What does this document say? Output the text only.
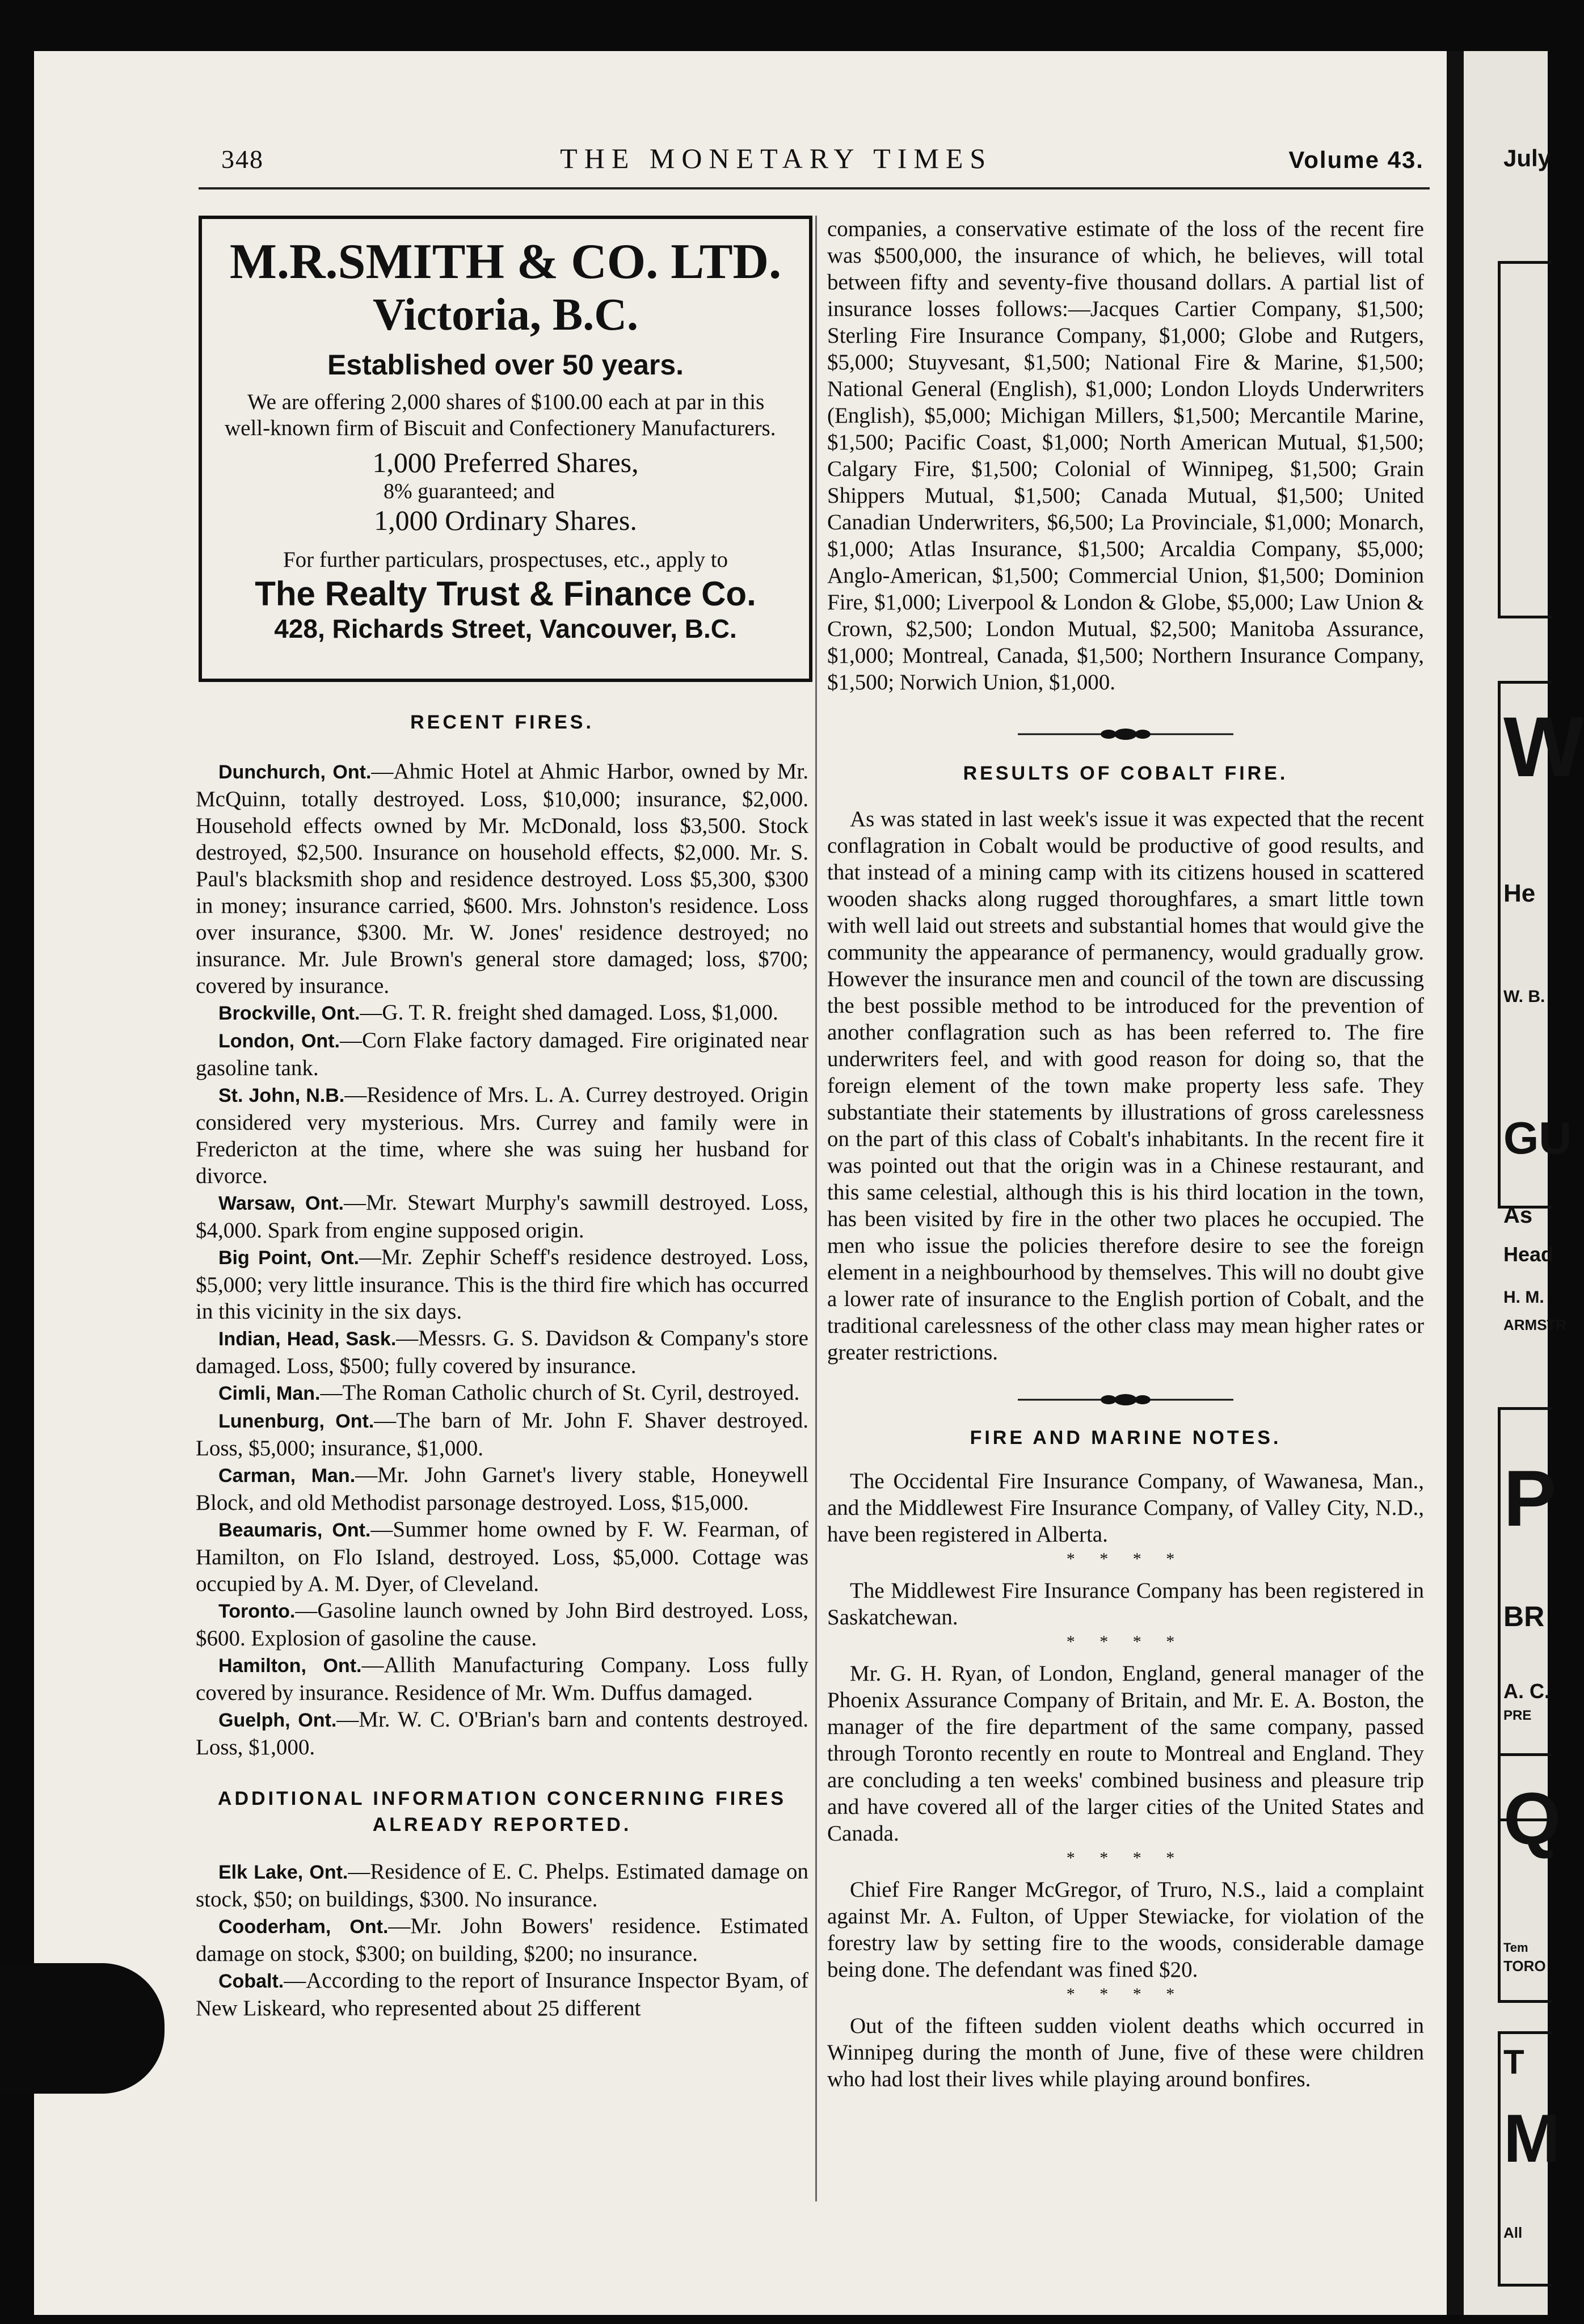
July
W
He
W. B.
GU
As
Head
H. M.
ARMSTR
P
BR
A. C.
PRE
Q
Tem
TORO
T
M
All
348	THE MONETARY TIMES	Volume 43.
M.R.SMITH & CO. LTD.
Victoria, B.C.
Established over 50 years.
We are offering 2,000 shares of $100.00 each at par in this well-known firm of Biscuit and Confectionery Manufacturers.
1,000 Preferred Shares,
8% guaranteed; and
1,000 Ordinary Shares.
For further particulars, prospectuses, etc., apply to
The Realty Trust & Finance Co.
428, Richards Street, Vancouver, B.C.
RECENT FIRES.

Dunchurch, Ont.—Ahmic Hotel at Ahmic Harbor, owned by Mr. McQuinn, totally destroyed. Loss, $10,000; insurance, $2,000. Household effects owned by Mr. McDonald, loss $3,500. Stock destroyed, $2,500. Insurance on household effects, $2,000. Mr. S. Paul's blacksmith shop and residence destroyed. Loss $5,300, $300 in money; insurance carried, $600. Mrs. Johnston's residence. Loss over insurance, $300. Mr. W. Jones' residence destroyed; no insurance. Mr. Jule Brown's general store damaged; loss, $700; covered by insurance.

Brockville, Ont.—G. T. R. freight shed damaged. Loss, $1,000.

London, Ont.—Corn Flake factory damaged. Fire originated near gasoline tank.

St. John, N.B.—Residence of Mrs. L. A. Currey destroyed. Origin considered very mysterious. Mrs. Currey and family were in Fredericton at the time, where she was suing her husband for divorce.

Warsaw, Ont.—Mr. Stewart Murphy's sawmill destroyed. Loss, $4,000. Spark from engine supposed origin.

Big Point, Ont.—Mr. Zephir Scheff's residence destroyed. Loss, $5,000; very little insurance. This is the third fire which has occurred in this vicinity in the six days.

Indian, Head, Sask.—Messrs. G. S. Davidson & Company's store damaged. Loss, $500; fully covered by insurance.

Cimli, Man.—The Roman Catholic church of St. Cyril, destroyed.

Lunenburg, Ont.—The barn of Mr. John F. Shaver destroyed. Loss, $5,000; insurance, $1,000.

Carman, Man.—Mr. John Garnet's livery stable, Honeywell Block, and old Methodist parsonage destroyed. Loss, $15,000.

Beaumaris, Ont.—Summer home owned by F. W. Fearman, of Hamilton, on Flo Island, destroyed. Loss, $5,000. Cottage was occupied by A. M. Dyer, of Cleveland.

Toronto.—Gasoline launch owned by John Bird destroyed. Loss, $600. Explosion of gasoline the cause.

Hamilton, Ont.—Allith Manufacturing Company. Loss fully covered by insurance. Residence of Mr. Wm. Duffus damaged.

Guelph, Ont.—Mr. W. C. O'Brian's barn and contents destroyed. Loss, $1,000.

ADDITIONAL INFORMATION CONCERNING FIRES
ALREADY REPORTED.

Elk Lake, Ont.—Residence of E. C. Phelps. Estimated damage on stock, $50; on buildings, $300. No insurance.

Cooderham, Ont.—Mr. John Bowers' residence. Estimated damage on stock, $300; on building, $200; no insurance.

Cobalt.—According to the report of Insurance Inspector Byam, of New Liskeard, who represented about 25 different

companies, a conservative estimate of the loss of the recent fire was $500,000, the insurance of which, he believes, will total between fifty and seventy-five thousand dollars. A partial list of insurance losses follows:—Jacques Cartier Company, $1,500; Sterling Fire Insurance Company, $1,000; Globe and Rutgers, $5,000; Stuyvesant, $1,500; National Fire & Marine, $1,500; National General (English), $1,000; London Lloyds Underwriters (English), $5,000; Michigan Millers, $1,500; Mercantile Marine, $1,500; Pacific Coast, $1,000; North American Mutual, $1,500; Calgary Fire, $1,500; Colonial of Winnipeg, $1,500; Grain Shippers Mutual, $1,500; Canada Mutual, $1,500; United Canadian Underwriters, $6,500; La Provinciale, $1,000; Monarch, $1,000; Atlas Insurance, $1,500; Arcaldia Company, $5,000; Anglo-American, $1,500; Commercial Union, $1,500; Dominion Fire, $1,000; Liverpool & London & Globe, $5,000; Law Union & Crown, $2,500; London Mutual, $2,500; Manitoba Assurance, $1,000; Montreal, Canada, $1,500; Northern Insurance Company, $1,500; Norwich Union, $1,000.

RESULTS OF COBALT FIRE.

As was stated in last week's issue it was expected that the recent conflagration in Cobalt would be productive of good results, and that instead of a mining camp with its citizens housed in scattered wooden shacks along rugged thoroughfares, a smart little town with well laid out streets and substantial homes that would give the community the appearance of permanency, would gradually grow. However the insurance men and council of the town are discussing the best possible method to be introduced for the prevention of another conflagration such as has been referred to. The fire underwriters feel, and with good reason for doing so, that the foreign element of the town make property less safe. They substantiate their statements by illustrations of gross carelessness on the part of this class of Cobalt's inhabitants. In the recent fire it was pointed out that the origin was in a Chinese restaurant, and this same celestial, although this is his third location in the town, has been visited by fire in the other two places he occupied. The men who issue the policies therefore desire to see the foreign element in a neighbourhood by themselves. This will no doubt give a lower rate of insurance to the English portion of Cobalt, and the traditional carelessness of the other class may mean higher rates or greater restrictions.

FIRE AND MARINE NOTES.

The Occidental Fire Insurance Company, of Wawanesa, Man., and the Middlewest Fire Insurance Company, of Valley City, N.D., have been registered in Alberta.

* * * *

The Middlewest Fire Insurance Company has been registered in Saskatchewan.

* * * *

Mr. G. H. Ryan, of London, England, general manager of the Phoenix Assurance Company of Britain, and Mr. E. A. Boston, the manager of the fire department of the same company, passed through Toronto recently en route to Montreal and England. They are concluding a ten weeks' combined business and pleasure trip and have covered all of the larger cities of the United States and Canada.

* * * *

Chief Fire Ranger McGregor, of Truro, N.S., laid a complaint against Mr. A. Fulton, of Upper Stewiacke, for violation of the forestry law by setting fire to the woods, considerable damage being done. The defendant was fined $20.

* * * *

Out of the fifteen sudden violent deaths which occurred in Winnipeg during the month of June, five of these were children who had lost their lives while playing around bonfires.
